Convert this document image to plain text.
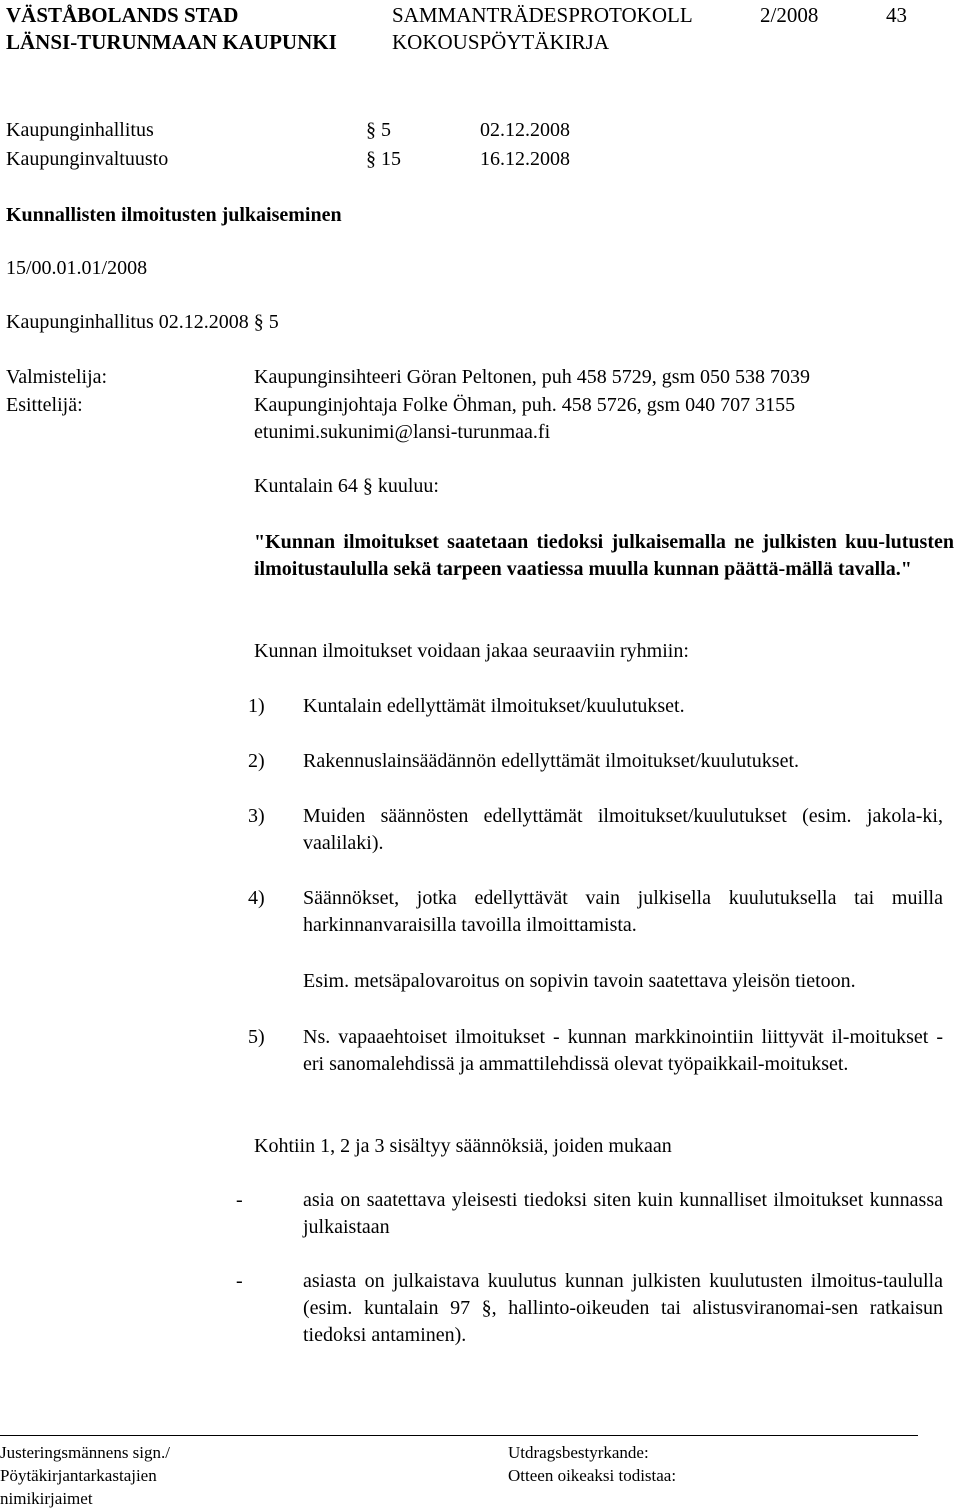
VÄSTÅBOLANDS STAD
LÄNSI-TURUNMAAN KAUPUNKI
SAMMANTRÄDESPROTOKOLL
KOKOUSPÖYTÄKIRJA
2/2008	43
Kaupunginhallitus	§ 5	02.12.2008
Kaupunginvaltuusto	§ 15	16.12.2008
Kunnallisten ilmoitusten julkaiseminen
15/00.01.01/2008
Kaupunginhallitus 02.12.2008 § 5
Valmistelija:	Kaupunginsihteeri Göran Peltonen, puh 458 5729, gsm 050 538 7039
Esittelijä:	Kaupunginjohtaja Folke Öhman, puh. 458 5726, gsm 040 707 3155
etunimi.sukunimi@lansi-turunmaa.fi
Kuntalain 64 § kuuluu:
"Kunnan ilmoitukset saatetaan tiedoksi julkaisemalla ne julkisten kuu-lutusten ilmoitustaululla sekä tarpeen vaatiessa muulla kunnan päättä-mällä tavalla."
Kunnan ilmoitukset voidaan jakaa seuraaviin ryhmiin:
1) Kuntalain edellyttämät ilmoitukset/kuulutukset.
2) Rakennuslainsäädännön edellyttämät ilmoitukset/kuulutukset.
3) Muiden säännösten edellyttämät ilmoitukset/kuulutukset (esim. jakola-ki, vaalilaki).
4) Säännökset, jotka edellyttävät vain julkisella kuulutuksella tai muilla harkinnanvaraisilla tavoilla ilmoittamista.
Esim. metsäpalovaroitus on sopivin tavoin saatettava yleisön tietoon.
5) Ns. vapaaehtoiset ilmoitukset - kunnan markkinointiin liittyvät il-moitukset - eri sanomalehdissä ja ammattilehdissä olevat työpaikkail-moitukset.
Kohtiin 1, 2 ja 3 sisältyy säännöksiä, joiden mukaan
-	asia on saatettava yleisesti tiedoksi siten kuin kunnalliset ilmoitukset kunnassa julkaistaan
-	asiasta on julkaistava kuulutus kunnan julkisten kuulutusten ilmoitus-taululla (esim. kuntalain 97 §, hallinto-oikeuden tai alistusviranomai-sen ratkaisun tiedoksi antaminen).
Justeringsmännens sign./
Pöytäkirjantarkastajien
nimikirjaimet
Utdragsbestyrkande:
Otteen oikeaksi todistaa:
